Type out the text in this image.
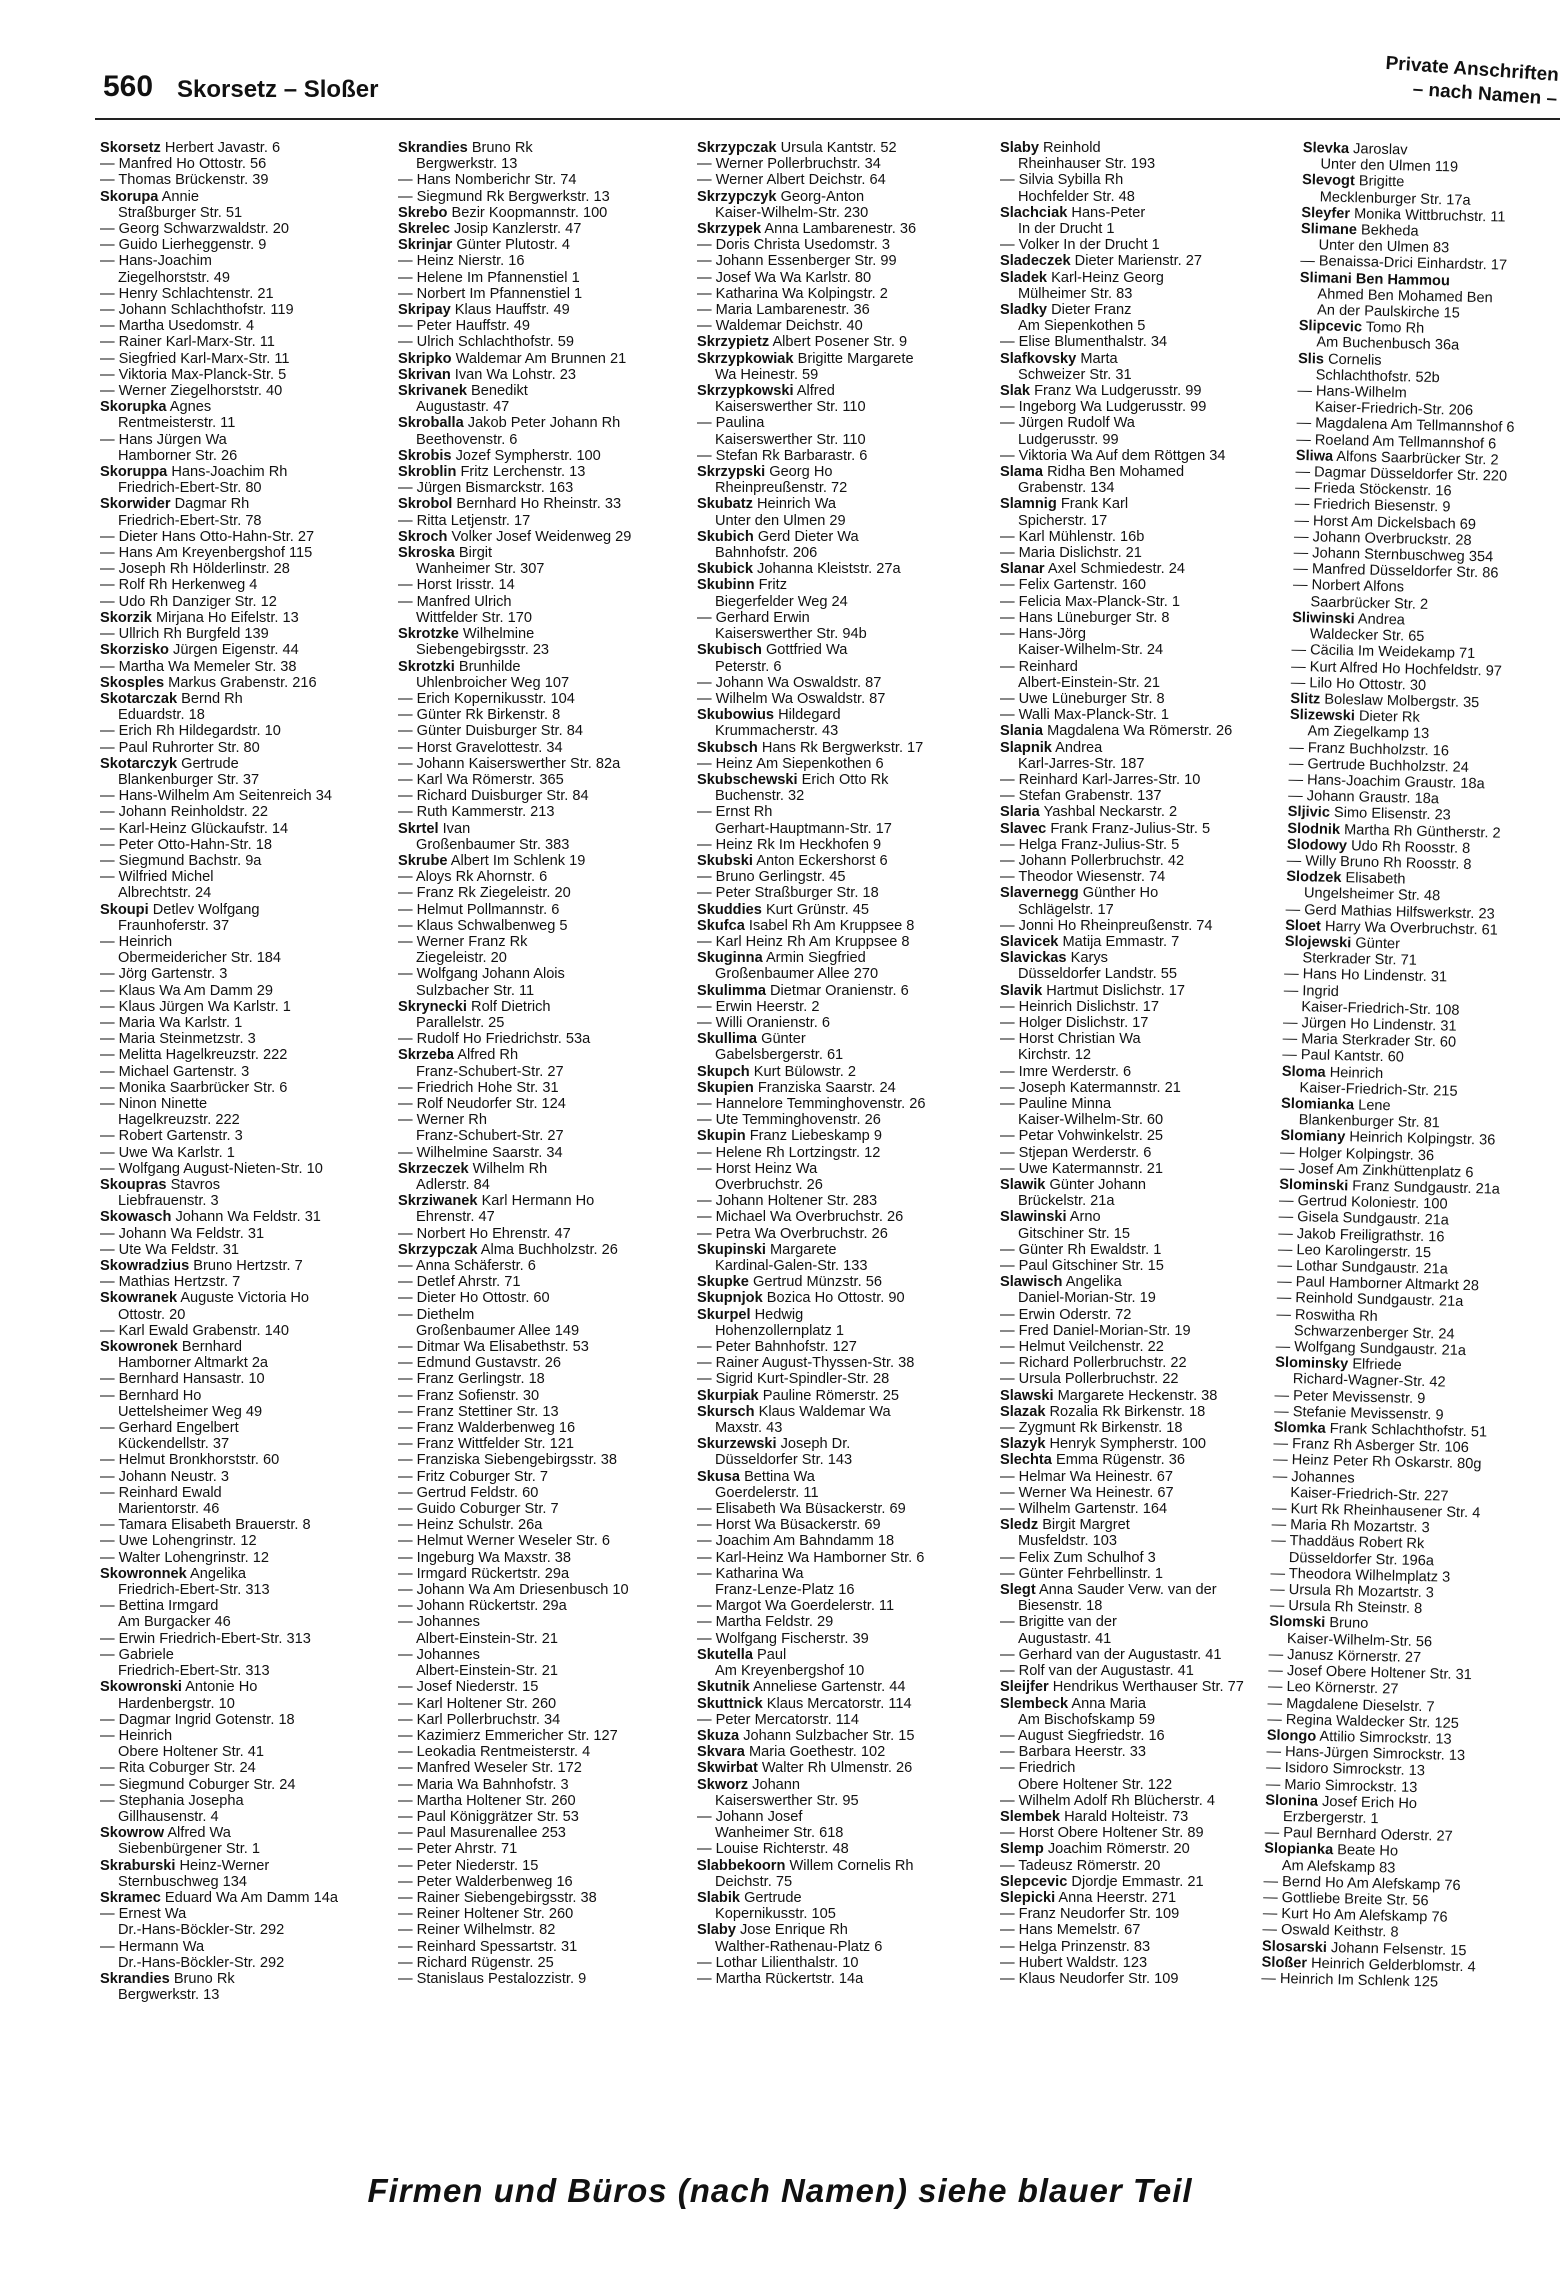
560 Skorsetz – Sloßer
Private Anschriften
– nach Namen –
Skorsetz Herbert Javastr. 6
— Manfred Ho Ottostr. 56
— Thomas Brückenstr. 39
Skorupa Annie
Straßburger Str. 51
— Georg Schwarzwaldstr. 20
— Guido Lierheggenstr. 9
— Hans-Joachim
Ziegelhorststr. 49
— Henry Schlachtenstr. 21
— Johann Schlachthofstr. 119
— Martha Usedomstr. 4
— Rainer Karl-Marx-Str. 11
— Siegfried Karl-Marx-Str. 11
— Viktoria Max-Planck-Str. 5
— Werner Ziegelhorststr. 40
Skorupka Agnes
Rentmeisterstr. 11
— Hans Jürgen Wa
Hamborner Str. 26
Skoruppa Hans-Joachim Rh
Friedrich-Ebert-Str. 80
Skorwider Dagmar Rh
Friedrich-Ebert-Str. 78
— Dieter Hans Otto-Hahn-Str. 27
— Hans Am Kreyenbergshof 115
— Joseph Rh Hölderlinstr. 28
— Rolf Rh Herkenweg 4
— Udo Rh Danziger Str. 12
Skorzik Mirjana Ho Eifelstr. 13
— Ullrich Rh Burgfeld 139
Skorzisko Jürgen Eigenstr. 44
— Martha Wa Memeler Str. 38
Skosples Markus Grabenstr. 216
Skotarczak Bernd Rh
Eduardstr. 18
— Erich Rh Hildegardstr. 10
— Paul Ruhrorter Str. 80
Skotarczyk Gertrude
Blankenburger Str. 37
— Hans-Wilhelm Am Seitenreich 34
— Johann Reinholdstr. 22
— Karl-Heinz Glückaufstr. 14
— Peter Otto-Hahn-Str. 18
— Siegmund Bachstr. 9a
— Wilfried Michel
Albrechtstr. 24
Skoupi Detlev Wolfgang
Fraunhoferstr. 37
— Heinrich
Obermeidericher Str. 184
— Jörg Gartenstr. 3
— Klaus Wa Am Damm 29
— Klaus Jürgen Wa Karlstr. 1
— Maria Wa Karlstr. 1
— Maria Steinmetzstr. 3
— Melitta Hagelkreuzstr. 222
— Michael Gartenstr. 3
— Monika Saarbrücker Str. 6
— Ninon Ninette
Hagelkreuzstr. 222
— Robert Gartenstr. 3
— Uwe Wa Karlstr. 1
— Wolfgang August-Nieten-Str. 10
Skoupras Stavros
Liebfrauenstr. 3
Skowasch Johann Wa Feldstr. 31
— Johann Wa Feldstr. 31
— Ute Wa Feldstr. 31
Skowradzius Bruno Hertzstr. 7
— Mathias Hertzstr. 7
Skowranek Auguste Victoria Ho
Ottostr. 20
— Karl Ewald Grabenstr. 140
Skowronek Bernhard
Hamborner Altmarkt 2a
— Bernhard Hansastr. 10
— Bernhard Ho
Uettelsheimer Weg 49
— Gerhard Engelbert
Kückendellstr. 37
— Helmut Bronkhorststr. 60
— Johann Neustr. 3
— Reinhard Ewald
Marientorstr. 46
— Tamara Elisabeth Brauerstr. 8
— Uwe Lohengrinstr. 12
— Walter Lohengrinstr. 12
Skowronnek Angelika
Friedrich-Ebert-Str. 313
— Bettina Irmgard
Am Burgacker 46
— Erwin Friedrich-Ebert-Str. 313
— Gabriele
Friedrich-Ebert-Str. 313
Skowronski Antonie Ho
Hardenbergstr. 10
— Dagmar Ingrid Gotenstr. 18
— Heinrich
Obere Holtener Str. 41
— Rita Coburger Str. 24
— Siegmund Coburger Str. 24
— Stephania Josepha
Gillhausenstr. 4
Skowrow Alfred Wa
Siebenbürgener Str. 1
Skraburski Heinz-Werner
Sternbuschweg 134
Skramec Eduard Wa Am Damm 14a
— Ernest Wa
Dr.-Hans-Böckler-Str. 292
— Hermann Wa
Dr.-Hans-Böckler-Str. 292
Skrandies Bruno Rk
Bergwerkstr. 13
Skrandies Bruno Rk
Bergwerkstr. 13
— Hans Nomberichr Str. 74
— Siegmund Rk Bergwerkstr. 13
Skrebo Bezir Koopmannstr. 100
Skrelec Josip Kanzlerstr. 47
Skrinjar Günter Plutostr. 4
— Heinz Nierstr. 16
— Helene Im Pfannenstiel 1
— Norbert Im Pfannenstiel 1
Skripay Klaus Hauffstr. 49
— Peter Hauffstr. 49
— Ulrich Schlachthofstr. 59
Skripko Waldemar Am Brunnen 21
Skrivan Ivan Wa Lohstr. 23
Skrivanek Benedikt
Augustastr. 47
Skroballa Jakob Peter Johann Rh
Beethovenstr. 6
Skrobis Jozef Sympherstr. 100
Skroblin Fritz Lerchenstr. 13
— Jürgen Bismarckstr. 163
Skrobol Bernhard Ho Rheinstr. 33
— Ritta Letjenstr. 17
Skroch Volker Josef Weidenweg 29
Skroska Birgit
Wanheimer Str. 307
— Horst Irisstr. 14
— Manfred Ulrich
Wittfelder Str. 170
Skrotzke Wilhelmine
Siebengebirgsstr. 23
Skrotzki Brunhilde
Uhlenbroicher Weg 107
— Erich Kopernikusstr. 104
— Günter Rk Birkenstr. 8
— Günter Duisburger Str. 84
— Horst Gravelottestr. 34
— Johann Kaiserswerther Str. 82a
— Karl Wa Römerstr. 365
— Richard Duisburger Str. 84
— Ruth Kammerstr. 213
Skrtel Ivan
Großenbaumer Str. 383
Skrube Albert Im Schlenk 19
— Aloys Rk Ahornstr. 6
— Franz Rk Ziegeleistr. 20
— Helmut Pollmannstr. 6
— Klaus Schwalbenweg 5
— Werner Franz Rk
Ziegeleistr. 20
— Wolfgang Johann Alois
Sulzbacher Str. 11
Skrynecki Rolf Dietrich
Parallelstr. 25
— Rudolf Ho Friedrichstr. 53a
Skrzeba Alfred Rh
Franz-Schubert-Str. 27
— Friedrich Hohe Str. 31
— Rolf Neudorfer Str. 124
— Werner Rh
Franz-Schubert-Str. 27
— Wilhelmine Saarstr. 34
Skrzeczek Wilhelm Rh
Adlerstr. 84
Skrziwanek Karl Hermann Ho
Ehrenstr. 47
— Norbert Ho Ehrenstr. 47
Skrzypczak Alma Buchholzstr. 26
— Anna Schäferstr. 6
— Detlef Ahrstr. 71
— Dieter Ho Ottostr. 60
— Diethelm
Großenbaumer Allee 149
— Ditmar Wa Elisabethstr. 53
— Edmund Gustavstr. 26
— Franz Gerlingstr. 18
— Franz Sofienstr. 30
— Franz Stettiner Str. 13
— Franz Walderbenweg 16
— Franz Wittfelder Str. 121
— Franziska Siebengebirgsstr. 38
— Fritz Coburger Str. 7
— Gertrud Feldstr. 60
— Guido Coburger Str. 7
— Heinz Schulstr. 26a
— Helmut Werner Weseler Str. 6
— Ingeburg Wa Maxstr. 38
— Irmgard Rückertstr. 29a
— Johann Wa Am Driesenbusch 10
— Johann Rückertstr. 29a
— Johannes
Albert-Einstein-Str. 21
— Johannes
Albert-Einstein-Str. 21
— Josef Niederstr. 15
— Karl Holtener Str. 260
— Karl Pollerbruchstr. 34
— Kazimierz Emmericher Str. 127
— Leokadia Rentmeisterstr. 4
— Manfred Weseler Str. 172
— Maria Wa Bahnhofstr. 3
— Martha Holtener Str. 260
— Paul Königgrätzer Str. 53
— Paul Masurenallee 253
— Peter Ahrstr. 71
— Peter Niederstr. 15
— Peter Walderbenweg 16
— Rainer Siebengebirgsstr. 38
— Reiner Holtener Str. 260
— Reiner Wilhelmstr. 82
— Reinhard Spessartstr. 31
— Richard Rügenstr. 25
— Stanislaus Pestalozzistr. 9
Skrzypczak Ursula Kantstr. 52
— Werner Pollerbruchstr. 34
— Werner Albert Deichstr. 64
Skrzypczyk Georg-Anton
Kaiser-Wilhelm-Str. 230
Skrzypek Anna Lambarenestr. 36
— Doris Christa Usedomstr. 3
— Johann Essenberger Str. 99
— Josef Wa Wa Karlstr. 80
— Katharina Wa Kolpingstr. 2
— Maria Lambarenestr. 36
— Waldemar Deichstr. 40
Skrzypietz Albert Posener Str. 9
Skrzypkowiak Brigitte Margarete
Wa Heinestr. 59
Skrzypkowski Alfred
Kaiserswerther Str. 110
— Paulina
Kaiserswerther Str. 110
— Stefan Rk Barbarastr. 6
Skrzypski Georg Ho
Rheinpreußenstr. 72
Skubatz Heinrich Wa
Unter den Ulmen 29
Skubich Gerd Dieter Wa
Bahnhofstr. 206
Skubick Johanna Kleiststr. 27a
Skubinn Fritz
Biegerfelder Weg 24
— Gerhard Erwin
Kaiserswerther Str. 94b
Skubisch Gottfried Wa
Peterstr. 6
— Johann Wa Oswaldstr. 87
— Wilhelm Wa Oswaldstr. 87
Skubowius Hildegard
Krummacherstr. 43
Skubsch Hans Rk Bergwerkstr. 17
— Heinz Am Siepenkothen 6
Skubschewski Erich Otto Rk
Buchenstr. 32
— Ernst Rh
Gerhart-Hauptmann-Str. 17
— Heinz Rk Im Heckhofen 9
Skubski Anton Eckershorst 6
— Bruno Gerlingstr. 45
— Peter Straßburger Str. 18
Skuddies Kurt Grünstr. 45
Skufca Isabel Rh Am Kruppsee 8
— Karl Heinz Rh Am Kruppsee 8
Skuginna Armin Siegfried
Großenbaumer Allee 270
Skulimma Dietmar Oranienstr. 6
— Erwin Heerstr. 2
— Willi Oranienstr. 6
Skullima Günter
Gabelsbergerstr. 61
Skupch Kurt Bülowstr. 2
Skupien Franziska Saarstr. 24
— Hannelore Temminghovenstr. 26
— Ute Temminghovenstr. 26
Skupin Franz Liebeskamp 9
— Helene Rh Lortzingstr. 12
— Horst Heinz Wa
Overbruchstr. 26
— Johann Holtener Str. 283
— Michael Wa Overbruchstr. 26
— Petra Wa Overbruchstr. 26
Skupinski Margarete
Kardinal-Galen-Str. 133
Skupke Gertrud Münzstr. 56
Skupnjok Bozica Ho Ottostr. 90
Skurpel Hedwig
Hohenzollernplatz 1
— Peter Bahnhofstr. 127
— Rainer August-Thyssen-Str. 38
— Sigrid Kurt-Spindler-Str. 28
Skurpiak Pauline Römerstr. 25
Skursch Klaus Waldemar Wa
Maxstr. 43
Skurzewski Joseph Dr.
Düsseldorfer Str. 143
Skusa Bettina Wa
Goerdelerstr. 11
— Elisabeth Wa Büsackerstr. 69
— Horst Wa Büsackerstr. 69
— Joachim Am Bahndamm 18
— Karl-Heinz Wa Hamborner Str. 6
— Katharina Wa
Franz-Lenze-Platz 16
— Margot Wa Goerdelerstr. 11
— Martha Feldstr. 29
— Wolfgang Fischerstr. 39
Skutella Paul
Am Kreyenbergshof 10
Skutnik Anneliese Gartenstr. 44
Skuttnick Klaus Mercatorstr. 114
— Peter Mercatorstr. 114
Skuza Johann Sulzbacher Str. 15
Skvara Maria Goethestr. 102
Skwirbat Walter Rh Ulmenstr. 26
Skworz Johann
Kaiserswerther Str. 95
— Johann Josef
Wanheimer Str. 618
— Louise Richterstr. 48
Slabbekoorn Willem Cornelis Rh
Deichstr. 75
Slabik Gertrude
Kopernikusstr. 105
Slaby Jose Enrique Rh
Walther-Rathenau-Platz 6
— Lothar Lilienthalstr. 10
— Martha Rückertstr. 14a
Slaby Reinhold
Rheinhauser Str. 193
— Silvia Sybilla Rh
Hochfelder Str. 48
Slachciak Hans-Peter
In der Drucht 1
— Volker In der Drucht 1
Sladeczek Dieter Marienstr. 27
Sladek Karl-Heinz Georg
Mülheimer Str. 83
Sladky Dieter Franz
Am Siepenkothen 5
— Elise Blumenthalstr. 34
Slafkovsky Marta
Schweizer Str. 31
Slak Franz Wa Ludgerusstr. 99
— Ingeborg Wa Ludgerusstr. 99
— Jürgen Rudolf Wa
Ludgerusstr. 99
— Viktoria Wa Auf dem Röttgen 34
Slama Ridha Ben Mohamed
Grabenstr. 134
Slamnig Frank Karl
Spicherstr. 17
— Karl Mühlenstr. 16b
— Maria Dislichstr. 21
Slanar Axel Schmiedestr. 24
— Felix Gartenstr. 160
— Felicia Max-Planck-Str. 1
— Hans Lüneburger Str. 8
— Hans-Jörg
Kaiser-Wilhelm-Str. 24
— Reinhard
Albert-Einstein-Str. 21
— Uwe Lüneburger Str. 8
— Walli Max-Planck-Str. 1
Slania Magdalena Wa Römerstr. 26
Slapnik Andrea
Karl-Jarres-Str. 187
— Reinhard Karl-Jarres-Str. 10
— Stefan Grabenstr. 137
Slaria Yashbal Neckarstr. 2
Slavec Frank Franz-Julius-Str. 5
— Helga Franz-Julius-Str. 5
— Johann Pollerbruchstr. 42
— Theodor Wiesenstr. 74
Slavernegg Günther Ho
Schlägelstr. 17
— Jonni Ho Rheinpreußenstr. 74
Slavicek Matija Emmastr. 7
Slavickas Karys
Düsseldorfer Landstr. 55
Slavik Hartmut Dislichstr. 17
— Heinrich Dislichstr. 17
— Holger Dislichstr. 17
— Horst Christian Wa
Kirchstr. 12
— Imre Werderstr. 6
— Joseph Katermannstr. 21
— Pauline Minna
Kaiser-Wilhelm-Str. 60
— Petar Vohwinkelstr. 25
— Stjepan Werderstr. 6
— Uwe Katermannstr. 21
Slawik Günter Johann
Brückelstr. 21a
Slawinski Arno
Gitschiner Str. 15
— Günter Rh Ewaldstr. 1
— Paul Gitschiner Str. 15
Slawisch Angelika
Daniel-Morian-Str. 19
— Erwin Oderstr. 72
— Fred Daniel-Morian-Str. 19
— Helmut Veilchenstr. 22
— Richard Pollerbruchstr. 22
— Ursula Pollerbruchstr. 22
Slawski Margarete Heckenstr. 38
Slazak Rozalia Rk Birkenstr. 18
— Zygmunt Rk Birkenstr. 18
Slazyk Henryk Sympherstr. 100
Slechta Emma Rügenstr. 36
— Helmar Wa Heinestr. 67
— Werner Wa Heinestr. 67
— Wilhelm Gartenstr. 164
Sledz Birgit Margret
Musfeldstr. 103
— Felix Zum Schulhof 3
— Günter Fehrbellinstr. 1
Slegt Anna Sauder Verw. van der
Biesenstr. 18
— Brigitte van der
Augustastr. 41
— Gerhard van der Augustastr. 41
— Rolf van der Augustastr. 41
Sleijfer Hendrikus Werthauser Str. 77
Slembeck Anna Maria
Am Bischofskamp 59
— August Siegfriedstr. 16
— Barbara Heerstr. 33
— Friedrich
Obere Holtener Str. 122
— Wilhelm Adolf Rh Blücherstr. 4
Slembek Harald Holteistr. 73
— Horst Obere Holtener Str. 89
Slemp Joachim Römerstr. 20
— Tadeusz Römerstr. 20
Slepcevic Djordje Emmastr. 21
Slepicki Anna Heerstr. 271
— Franz Neudorfer Str. 109
— Hans Memelstr. 67
— Helga Prinzenstr. 83
— Hubert Waldstr. 123
— Klaus Neudorfer Str. 109
Slevka Jaroslav
Unter den Ulmen 119
Slevogt Brigitte
Mecklenburger Str. 17a
Sleyfer Monika Wittbruchstr. 11
Slimane Bekheda
Unter den Ulmen 83
— Benaissa-Drici Einhardstr. 17
Slimani Ben Hammou
Ahmed Ben Mohamed Ben
An der Paulskirche 15
Slipcevic Tomo Rh
Am Buchenbusch 36a
Slis Cornelis
Schlachthofstr. 52b
— Hans-Wilhelm
Kaiser-Friedrich-Str. 206
— Magdalena Am Tellmannshof 6
— Roeland Am Tellmannshof 6
Sliwa Alfons Saarbrücker Str. 2
— Dagmar Düsseldorfer Str. 220
— Frieda Stöckenstr. 16
— Friedrich Biesenstr. 9
— Horst Am Dickelsbach 69
— Johann Overbruckstr. 28
— Johann Sternbuschweg 354
— Manfred Düsseldorfer Str. 86
— Norbert Alfons
Saarbrücker Str. 2
Sliwinski Andrea
Waldecker Str. 65
— Cäcilia Im Weidekamp 71
— Kurt Alfred Ho Hochfeldstr. 97
— Lilo Ho Ottostr. 30
Slitz Boleslaw Molbergstr. 35
Slizewski Dieter Rk
Am Ziegelkamp 13
— Franz Buchholzstr. 16
— Gertrude Buchholzstr. 24
— Hans-Joachim Graustr. 18a
— Johann Graustr. 18a
Sljivic Simo Elisenstr. 23
Slodnik Martha Rh Güntherstr. 2
Slodowy Udo Rh Roosstr. 8
— Willy Bruno Rh Roosstr. 8
Slodzek Elisabeth
Ungelsheimer Str. 48
— Gerd Mathias Hilfswerkstr. 23
Sloet Harry Wa Overbruchstr. 61
Slojewski Günter
Sterkrader Str. 71
— Hans Ho Lindenstr. 31
— Ingrid
Kaiser-Friedrich-Str. 108
— Jürgen Ho Lindenstr. 31
— Maria Sterkrader Str. 60
— Paul Kantstr. 60
Sloma Heinrich
Kaiser-Friedrich-Str. 215
Slomianka Lene
Blankenburger Str. 81
Slomiany Heinrich Kolpingstr. 36
— Holger Kolpingstr. 36
— Josef Am Zinkhüttenplatz 6
Slominski Franz Sundgaustr. 21a
— Gertrud Koloniestr. 100
— Gisela Sundgaustr. 21a
— Jakob Freiligrathstr. 16
— Leo Karolingerstr. 15
— Lothar Sundgaustr. 21a
— Paul Hamborner Altmarkt 28
— Reinhold Sundgaustr. 21a
— Roswitha Rh
Schwarzenberger Str. 24
— Wolfgang Sundgaustr. 21a
Slominsky Elfriede
Richard-Wagner-Str. 42
— Peter Mevissenstr. 9
— Stefanie Mevissenstr. 9
Slomka Frank Schlachthofstr. 51
— Franz Rh Asberger Str. 106
— Heinz Peter Rh Oskarstr. 80g
— Johannes
Kaiser-Friedrich-Str. 227
— Kurt Rk Rheinhausener Str. 4
— Maria Rh Mozartstr. 3
— Thaddäus Robert Rk
Düsseldorfer Str. 196a
— Theodora Wilhelmplatz 3
— Ursula Rh Mozartstr. 3
— Ursula Rh Steinstr. 8
Slomski Bruno
Kaiser-Wilhelm-Str. 56
— Janusz Körnerstr. 27
— Josef Obere Holtener Str. 31
— Leo Körnerstr. 27
— Magdalene Dieselstr. 7
— Regina Waldecker Str. 125
Slongo Attilio Simrockstr. 13
— Hans-Jürgen Simrockstr. 13
— Isidoro Simrockstr. 13
— Mario Simrockstr. 13
Slonina Josef Erich Ho
Erzbergerstr. 1
— Paul Bernhard Oderstr. 27
Slopianka Beate Ho
Am Alefskamp 83
— Bernd Ho Am Alefskamp 76
— Gottliebe Breite Str. 56
— Kurt Ho Am Alefskamp 76
— Oswald Keithstr. 8
Slosarski Johann Felsenstr. 15
Sloßer Heinrich Gelderblomstr. 4
— Heinrich Im Schlenk 125
Firmen und Büros (nach Namen) siehe blauer Teil
